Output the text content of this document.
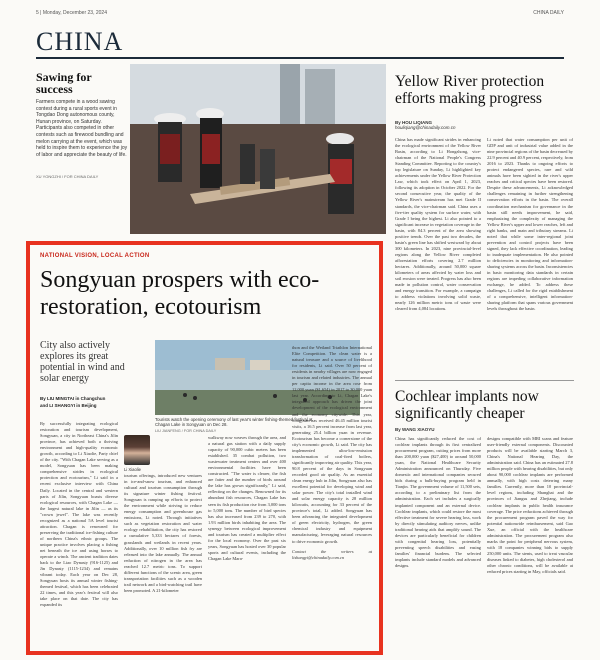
5 | Monday, December 23, 2024	CHINA DAILY
CHINA
Sawing for success
Farmers compete in a wood sawing contest during a rural sports event in Tongdao Dong autonomous county, Hunan province, on Saturday. Participants also competed in other contests such as firewood bundling and melon carrying at the event, which was held to inspire them to experience the joy of labor and appreciate the beauty of life.
XU YONGZHI / FOR CHINA DAILY
Yellow River protection efforts making progress
By HOU LIQIANG
houliqiang@chinadaily.com.cn
China has made significant strides in enhancing the ecological environment of the Yellow River Basin, according to Li Hongzhong, vice-chairman of the National People's Congress Standing Committee. Reporting to the country's top legislature on Sunday, Li highlighted key achievements under the Yellow River Protection Law, which took effect on April 1, 2023, following its adoption in October 2022. For the second consecutive year, the quality of the Yellow River's mainstream has met Grade II standards, the vice-chairman said. China uses a five-tier quality system for surface water, with Grade I being the highest. Li also pointed to a significant increase in vegetation coverage in the basin, with 84.3 percent of the area showing positive trends. Over the past two decades, the basin's green line has shifted westward by about 300 kilometers. In 2023, nine provincial-level regions along the Yellow River completed afforestation efforts covering 2.7 million hectares. Additionally, around 50,000 square kilometers of areas affected by water loss and soil erosion were treated. Progress has also been made in pollution control, water conservation and energy transition. For example, a campaign to address violations involving solid waste, nearly 126 million metric tons of waste were cleared from 4,084 locations.
Li noted that water consumption per unit of GDP and unit of industrial value added in the nine provincial regions of the basin decreased by 22.9 percent and 40.9 percent, respectively, from 2016 to 2023. Thanks to ongoing efforts to protect endangered species, rare and wild animals have been sighted in the river's upper reaches and critical species have been restored. Despite these advancements, Li acknowledged challenges remaining in further strengthening conservation efforts in the basin. The overall coordination mechanism for governance in the basin still needs improvement, he said, emphasizing the complexity of managing the Yellow River's upper and lower reaches, left and right banks, and main and tributary streams. Li noted that while some inter-regional joint prevention and control projects have been signed, they lack effective coordination, leading to inadequate implementation. He also pointed to deficiencies in monitoring and information-sharing systems across the basin. Inconsistencies in basic monitoring data standards in certain regions are impeding collaborative information exchange, he added. To address these challenges, Li called for the rigid establishment of a comprehensive, intelligent information-sharing platform that spans various government levels throughout the basin.
Cochlear implants now significantly cheaper
By WANG XIAOYU
China has significantly reduced the cost of cochlear implants through its first centralized procurement program, cutting prices from more than 200,000 yuan ($27,400) to around 50,000 yuan, the National Healthcare Security Administration announced on Thursday. Five domestic and international companies secured bids during a bulk-buying program held in Tianjin. The government volume of 11,500 sets, according to a preliminary list from the administration. Each set includes a surgically implanted component and an external device. Cochlear implants, which could restore the most effective treatment for severe hearing loss, work by directly stimulating auditory nerves, unlike traditional hearing aids that amplify sound. The devices are particularly beneficial for children with congenital hearing loss, potentially preventing speech disabilities and easing families' financial burdens. The selected implants include standard models and advanced designs.
designs compatible with MRI scans and feature user-friendly external components. Discounted products will be available starting March 3, China's National Hearing Day, the administration said. China has an estimated 27.8 million people with hearing disabilities, but only about 90,000 cochlear implants are performed annually, with high costs deterring many families. Currently, more than 10 provincial-level regions, including Shanghai and the provinces of Jiangsu and Zhejiang, include cochlear implants in public health insurance coverage. The price reductions achieved through the procurement program paved the way for potential nationwide reimbursement, said Gao Xue, an official with the healthcare administration. The procurement program also marks the point for peripheral nervous system, with 18 companies winning bids to supply 250,000 units. The stents, used to treat vascular diseases linked to diabetes, high cholesterol and other chronic conditions, will be available at reduced prices starting in May, officials said.
NATIONAL VISION, LOCAL ACTION
Songyuan prospers with eco-restoration, ecotourism
City also actively explores its great potential in wind and solar energy
By LIU MINGTAI in Changchun
and LI SHANGYI in Beijing
Tourists watch the opening ceremony of last year's winter fishing-themed festival at Chagan Lake in Songyuan on Dec 28.
LIU JIANFENG / FOR CHINA DAILY
By successfully integrating ecological restoration and tourism development, Songyuan, a city in Northeast China's Jilin province, has achieved both a thriving environment and high-quality economic growth, according to Li Xiaolie, Party chief of the city. "With Chagan Lake serving as a model, Songyuan has been making comprehensive strides in ecological protection and ecotourism," Li said in a recent exclusive interview with China Daily. Located in the central and western parts of Jilin, Songyuan boasts diverse ecological resources, with Chagan Lake — the largest natural lake in Jilin — as its "crown jewel". The lake was recently recognized as a national 5A level tourist attraction. Chagan is renowned for preserving the traditional ice-fishing culture of northern China's ethnic groups. The unique practice involves placing a fishing net beneath the ice and using horses to operate a winch. The ancient tradition dates back to the Liao Dynasty (916-1125) and Jin Dynasty (1115-1234) and remains vibrant today. Each year on Dec 28, Songyuan hosts its annual winter fishing-themed festival, which has been celebrated 22 times, and this year's festival will also take place on that date. The city has expanded its
tourism offerings, introduced new ventures in ice-and-snow tourism, and enhanced cultural and tourism consumption through its signature winter fishing festival. Songyuan is ramping up efforts to protect the environment while striving to reduce energy consumption and greenhouse gas emissions, Li noted. Through initiatives such as vegetation restoration and water ecology rehabilitation, the city has restored a cumulative 5,333 hectares of forests, grasslands and wetlands in recent years. Additionally, over 10 million fish fry are released into the lake annually. The annual reduction of nitrogen in the area has reached 12.7 metric tons. To support different functions of the scenic area, green transportation facilities such as a wooden trail network and a bird-watching trail have been promoted. A 21-kilometer
Li Xiaolie
walkway now weaves through the area, and a natural gas station with a daily supply capacity of 90,000 cubic meters has been established. 35 combat pollution, two wastewater treatment centers and over 400 environmental facilities have been constructed. "The water is clearer, the fish are fatter and the number of birds around the lake has grown significantly," Li said, reflecting on the changes. Renowned for its abundant fish resources, Chagan Lake has seen its fish production rise from 3,000 tons to 5,000 tons. The number of bird species has also increased from 239 to 270, with 1.93 million birds inhabiting the area. The synergy between ecological improvement and tourism has created a multiplier effect for the local economy. Over the past six years, Songyuan has hosted over 30 popular sports and cultural events, including the Chagan Lake Mara-
thon and the Wetland Triathlon International Elite Competition. The clean water is a natural treasure and a source of livelihood for residents, Li said. Over 50 percent of residents in nearby villages are now engaged in tourism and related industries. The annual per capita income in the area rose from 12,000 yuan ($1,654) in 2017 to 30,000 yuan last year. According to Li, Chagan Lake's integrated approach has driven the joint development of the ecological environment and the economy citywide. This year, Songyuan has received 46.45 million tourist visits, a 16.5 percent increase from last year, generating 25.4 billion yuan in revenue. Ecotourism has become a cornerstone of the city's economic growth, Li said. The city has implemented ultra-low-emission transformation of coal-fired boilers, significantly improving air quality. This year, 90.8 percent of the days in Songyuan recorded good air quality. As an essential clean energy hub in Jilin, Songyuan also has excellent potential for developing wind and solar power. The city's total installed wind and solar energy capacity is 28 million kilowatts, accounting for 33 percent of the province's total, Li added. Songyuan has been advancing the integrated development of green electricity, hydrogen, the green chemical industry and equipment manufacturing, leveraging natural resources to drive economic growth.
Contact the writers at lishangyi@chinadaily.com.cn
